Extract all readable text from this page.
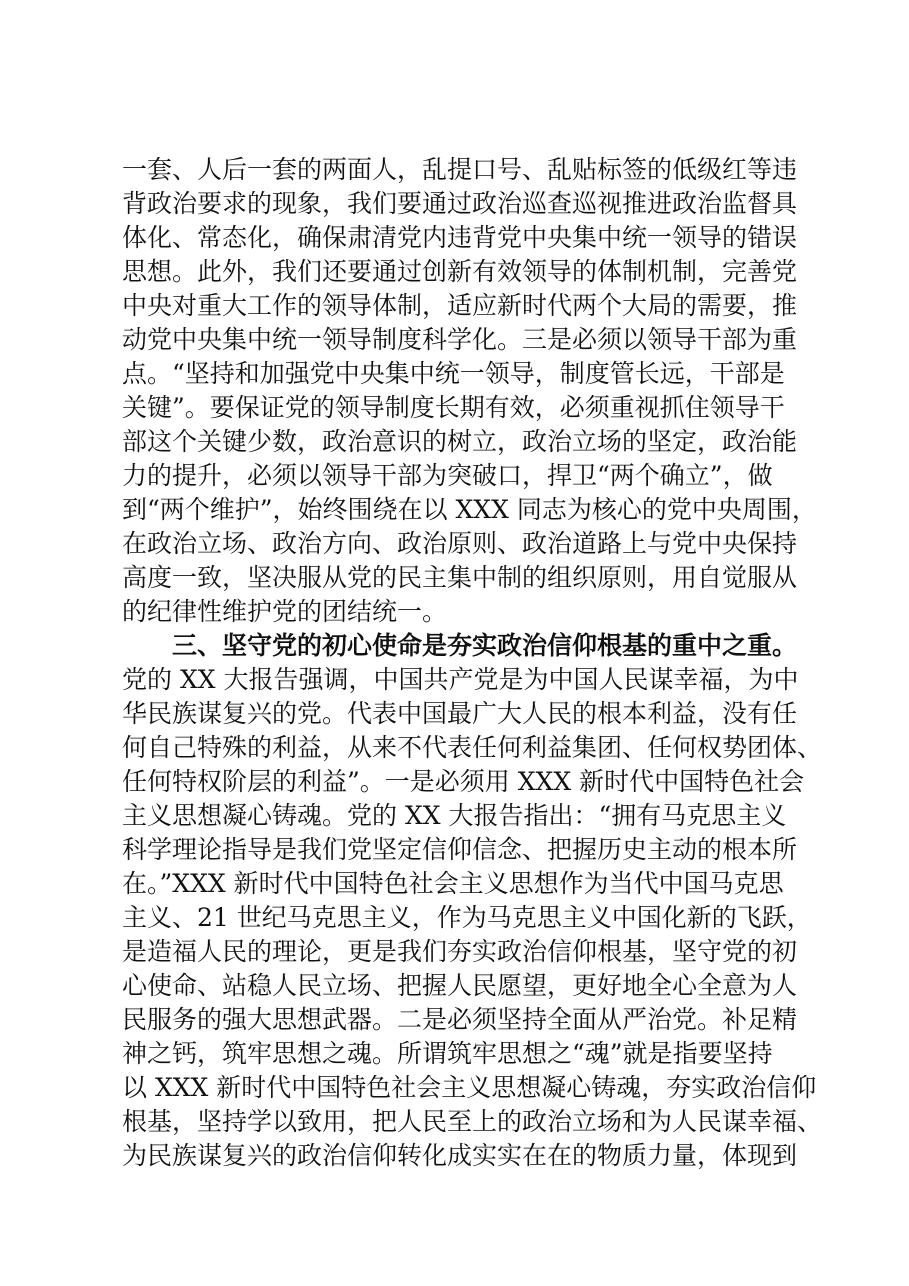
一套、人后一套的两面人，乱提口号、乱贴标签的低级红等违
背政治要求的现象，我们要通过政治巡查巡视推进政治监督具
体化、常态化，确保肃清党内违背党中央集中统一领导的错误
思想。此外，我们还要通过创新有效领导的体制机制，完善党
中央对重大工作的领导体制，适应新时代两个大局的需要，推
动党中央集中统一领导制度科学化。三是必须以领导干部为重
点。“坚持和加强党中央集中统一领导，制度管长远，干部是
关键”。要保证党的领导制度长期有效，必须重视抓住领导干
部这个关键少数，政治意识的树立，政治立场的坚定，政治能
力的提升，必须以领导干部为突破口，捍卫“两个确立”，做
到“两个维护”，始终围绕在以 XXX 同志为核心的党中央周围，
在政治立场、政治方向、政治原则、政治道路上与党中央保持
高度一致，坚决服从党的民主集中制的组织原则，用自觉服从
的纪律性维护党的团结统一。
三、坚守党的初心使命是夯实政治信仰根基的重中之重。
党的 XX 大报告强调，中国共产党是为中国人民谋幸福，为中
华民族谋复兴的党。代表中国最广大人民的根本利益，没有任
何自己特殊的利益，从来不代表任何利益集团、任何权势团体、
任何特权阶层的利益”。一是必须用 XXX 新时代中国特色社会
主义思想凝心铸魂。党的 XX 大报告指出：“拥有马克思主义
科学理论指导是我们党坚定信仰信念、把握历史主动的根本所
在。”XXX 新时代中国特色社会主义思想作为当代中国马克思
主义、21 世纪马克思主义，作为马克思主义中国化新的飞跃，
是造福人民的理论，更是我们夯实政治信仰根基，坚守党的初
心使命、站稳人民立场、把握人民愿望，更好地全心全意为人
民服务的强大思想武器。二是必须坚持全面从严治党。补足精
神之钙，筑牢思想之魂。所谓筑牢思想之“魂”就是指要坚持
以 XXX 新时代中国特色社会主义思想凝心铸魂，夯实政治信仰
根基，坚持学以致用，把人民至上的政治立场和为人民谋幸福、
为民族谋复兴的政治信仰转化成实实在在的物质力量，体现到
